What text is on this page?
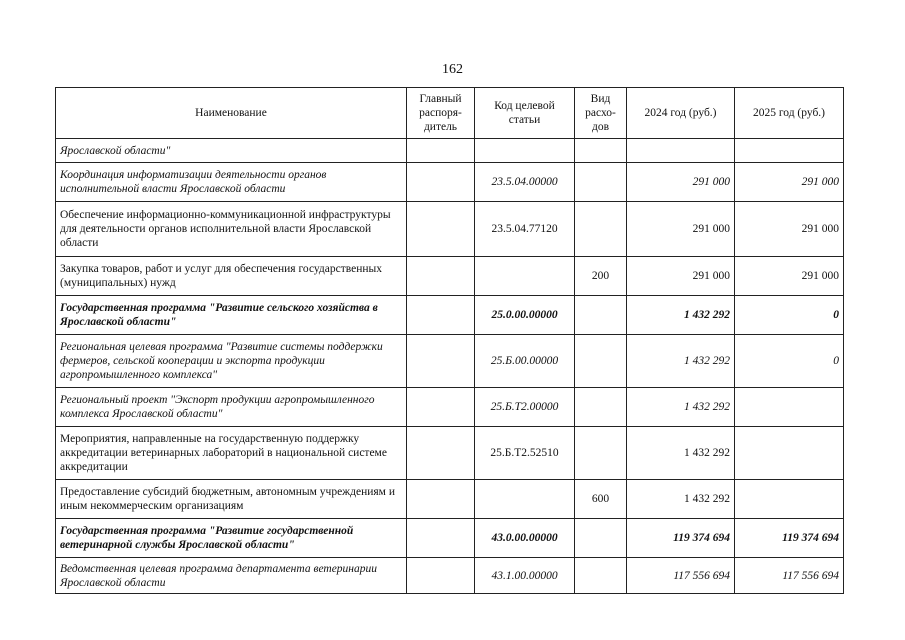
162
Наименование	Главный распоря-дитель	Код целевой статьи	Вид расхо-дов	2024 год (руб.)	2025 год (руб.)
Ярославской области"					
Координация информатизации деятельности органов исполнительной власти Ярославской области		23.5.04.00000		291 000	291 000
Обеспечение информационно-коммуникационной инфраструктуры для деятельности органов исполнительной власти Ярославской области		23.5.04.77120		291 000	291 000
Закупка товаров, работ и услуг для обеспечения государственных (муниципальных) нужд			200	291 000	291 000
Государственная программа "Развитие сельского хозяйства в Ярославской области"		25.0.00.00000		1 432 292	0
Региональная целевая программа "Развитие системы поддержки фермеров, сельской кооперации и экспорта продукции агропромышленного комплекса"		25.Б.00.00000		1 432 292	0
Региональный проект "Экспорт продукции агропромышленного комплекса Ярославской области"		25.Б.Т2.00000		1 432 292	
Мероприятия, направленные на государственную поддержку аккредитации ветеринарных лабораторий в национальной системе аккредитации		25.Б.Т2.52510		1 432 292	
Предоставление субсидий бюджетным, автономным учреждениям и иным некоммерческим организациям			600	1 432 292	
Государственная программа "Развитие государственной ветеринарной службы Ярославской области"		43.0.00.00000		119 374 694	119 374 694
Ведомственная целевая программа департамента ветеринарии Ярославской области		43.1.00.00000		117 556 694	117 556 694
